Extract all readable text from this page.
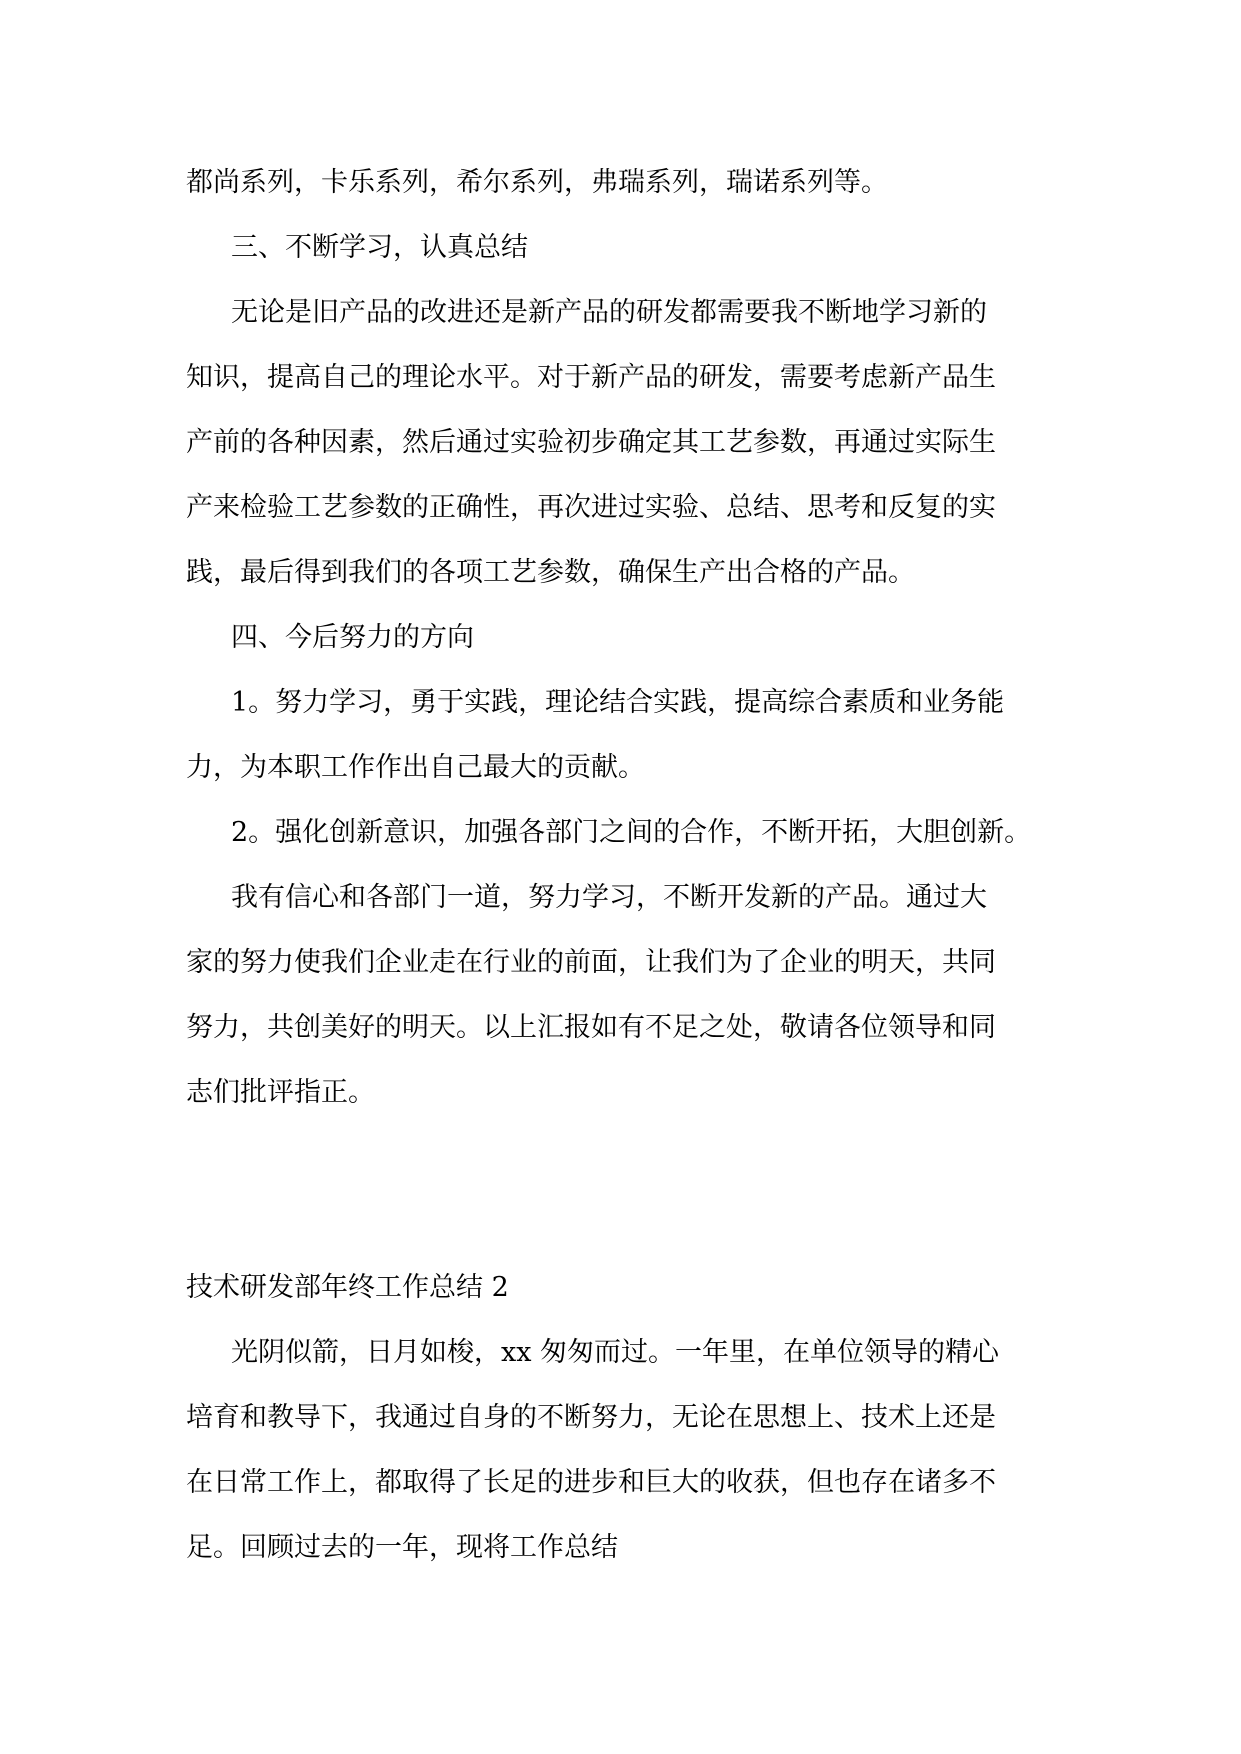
都尚系列，卡乐系列，希尔系列，弗瑞系列，瑞诺系列等。
三、不断学习，认真总结
无论是旧产品的改进还是新产品的研发都需要我不断地学习新的
知识，提高自己的理论水平。对于新产品的研发，需要考虑新产品生
产前的各种因素，然后通过实验初步确定其工艺参数，再通过实际生
产来检验工艺参数的正确性，再次进过实验、总结、思考和反复的实
践，最后得到我们的各项工艺参数，确保生产出合格的产品。
四、今后努力的方向
1。努力学习，勇于实践，理论结合实践，提高综合素质和业务能
力，为本职工作作出自己最大的贡献。
2。强化创新意识，加强各部门之间的合作，不断开拓，大胆创新。
我有信心和各部门一道，努力学习，不断开发新的产品。通过大
家的努力使我们企业走在行业的前面，让我们为了企业的明天，共同
努力，共创美好的明天。以上汇报如有不足之处，敬请各位领导和同
志们批评指正。
技术研发部年终工作总结 2
光阴似箭，日月如梭，xx 匆匆而过。一年里，在单位领导的精心
培育和教导下，我通过自身的不断努力，无论在思想上、技术上还是
在日常工作上，都取得了长足的进步和巨大的收获，但也存在诸多不
足。回顾过去的一年，现将工作总结
